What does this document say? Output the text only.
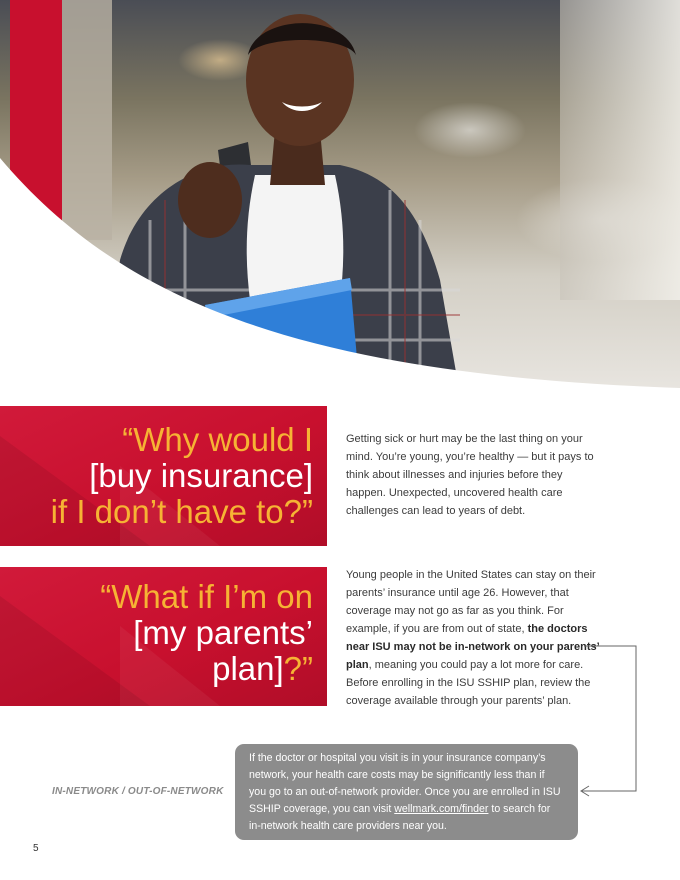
“Why would I
[buy insurance]
if I don’t have to?”

Getting sick or hurt may be the last thing on your mind. You’re young, you’re healthy — but it pays to think about illnesses and injuries before they happen. Unexpected, uncovered health care challenges can lead to years of debt.

“What if I’m on
[my parents’
plan]?”

Young people in the United States can stay on their parents’ insurance until age 26. However, that coverage may not go as far as you think. For example, if you are from out of state, the doctors near ISU may not be in-network on your parents’ plan, meaning you could pay a lot more for care. Before enrolling in the ISU SSHIP plan, review the coverage available through your parents’ plan.

IN-NETWORK / OUT-OF-NETWORK
If the doctor or hospital you visit is in your insurance company’s network, your health care costs may be significantly less than if you go to an out-of-network provider. Once you are enrolled in ISU SSHIP coverage, you can visit wellmark.com/finder to search for in-network health care providers near you.
5
